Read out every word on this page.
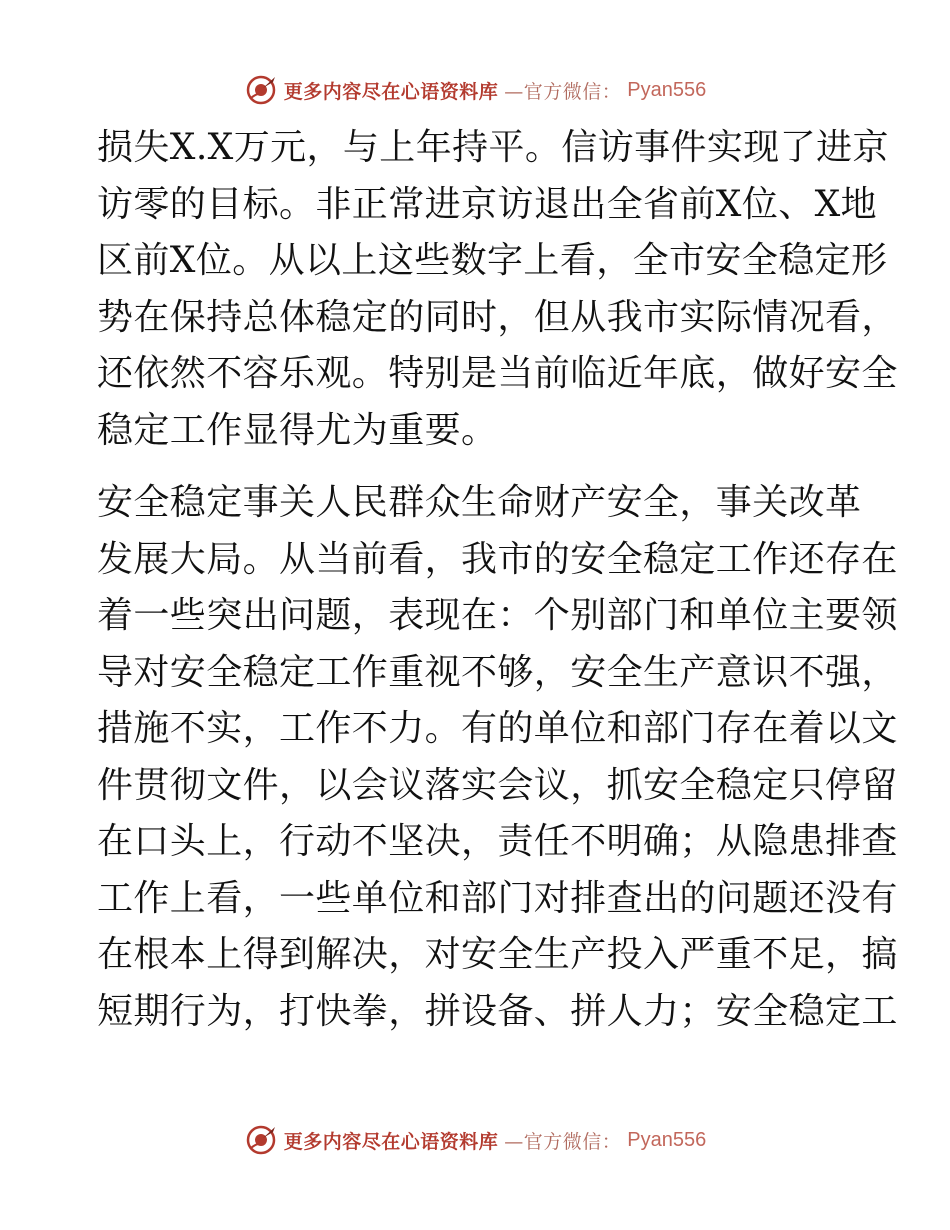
更多内容尽在心语资料库 —官方微信： Pyan556

损失X.X万元，与上年持平。信访事件实现了进京
访零的目标。非正常进京访退出全省前X位、X地
区前X位。从以上这些数字上看，全市安全稳定形
势在保持总体稳定的同时，但从我市实际情况看，
还依然不容乐观。特别是当前临近年底，做好安全
稳定工作显得尤为重要。

安全稳定事关人民群众生命财产安全，事关改革
发展大局。从当前看，我市的安全稳定工作还存在
着一些突出问题，表现在：个别部门和单位主要领
导对安全稳定工作重视不够，安全生产意识不强，
措施不实，工作不力。有的单位和部门存在着以文
件贯彻文件，以会议落实会议，抓安全稳定只停留
在口头上，行动不坚决，责任不明确；从隐患排查
工作上看，一些单位和部门对排查出的问题还没有
在根本上得到解决，对安全生产投入严重不足，搞
短期行为，打快拳，拼设备、拼人力；安全稳定工

更多内容尽在心语资料库 —官方微信： Pyan556
